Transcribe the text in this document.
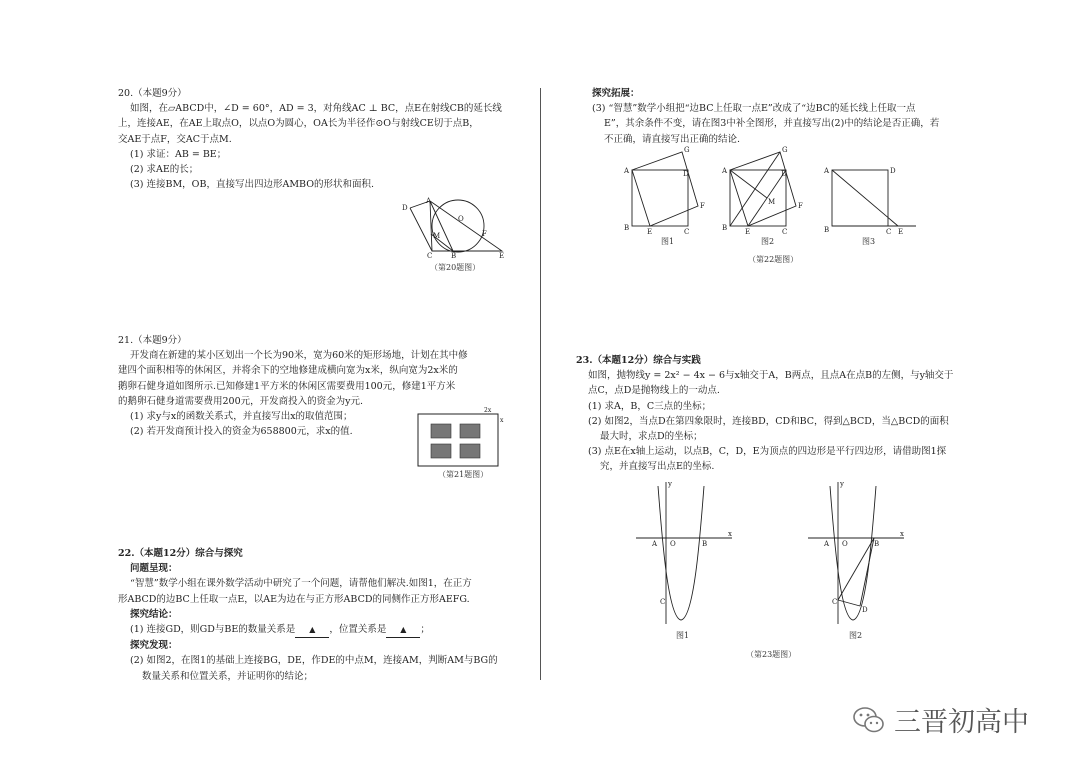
20.（本题9分）

如图，在▱ABCD中，∠D = 60°，AD = 3，对角线AC ⊥ BC，点E在射线CB的延长线

上，连接AE，在AE上取点O，以点O为圆心，OA长为半径作⊙O与射线CE切于点B，

交AE于点F，交AC于点M.

(1) 求证：AB = BE；

(2) 求AE的长；

(3) 连接BM，OB，直接写出四边形AMBO的形状和面积.

D
A
O
M	F
C	B	E
（第20题图）

21.（本题9分）

开发商在新建的某小区划出一个长为90米，宽为60米的矩形场地，计划在其中修

建四个面积相等的休闲区，并将余下的空地修建成横向宽为x米，纵向宽为2x米的

鹅卵石健身道如图所示.已知修建1平方米的休闲区需要费用100元，修建1平方米

的鹅卵石健身道需要费用200元，开发商投入的资金为y元.

(1) 求y与x的函数关系式，并直接写出x的取值范围；

(2) 若开发商预计投入的资金为658800元，求x的值.

2x
x
（第21题图）

22.（本题12分）综合与探究

问题呈现：

“智慧”数学小组在课外数学活动中研究了一个问题，请帮他们解决.如图1，在正方

形ABCD的边BC上任取一点E，以AE为边在与正方形ABCD的同侧作正方形AEFG.

探究结论：

(1) 连接GD，则GD与BE的数量关系是 ▲ ，位置关系是 ▲ ；

探究发现：

(2) 如图2，在图1的基础上连接BG，DE，作DE的中点M，连接AM，判断AM与BG的

数量关系和位置关系，并证明你的结论；

探究拓展：

(3) “智慧”数学小组把“边BC上任取一点E”改成了“边BC的延长线上任取一点

E”，其余条件不变，请在图3中补全图形，并直接写出(2)中的结论是否正确，若

不正确，请直接写出正确的结论.

A
G
D
F
B	E	C
图1
A
G
D
M	F
B	E	C
图2
A	D
B	C E
图3
（第22题图）

23.（本题12分）综合与实践

如图，抛物线y = 2x² − 4x − 6与x轴交于A，B两点，且点A在点B的左侧，与y轴交于

点C，点D是抛物线上的一动点.

(1) 求A，B，C三点的坐标；

(2) 如图2，当点D在第四象限时，连接BD，CD和BC，得到△BCD，当△BCD的面积

最大时，求点D的坐标；

(3) 点E在x轴上运动，以点B，C，D，E为顶点的四边形是平行四边形，请借助图1探

究，并直接写出点E的坐标.

y
x
A O	B
C
图1
y
x
A O	B
C
D
图2
（第23题图）
三晋初高中
